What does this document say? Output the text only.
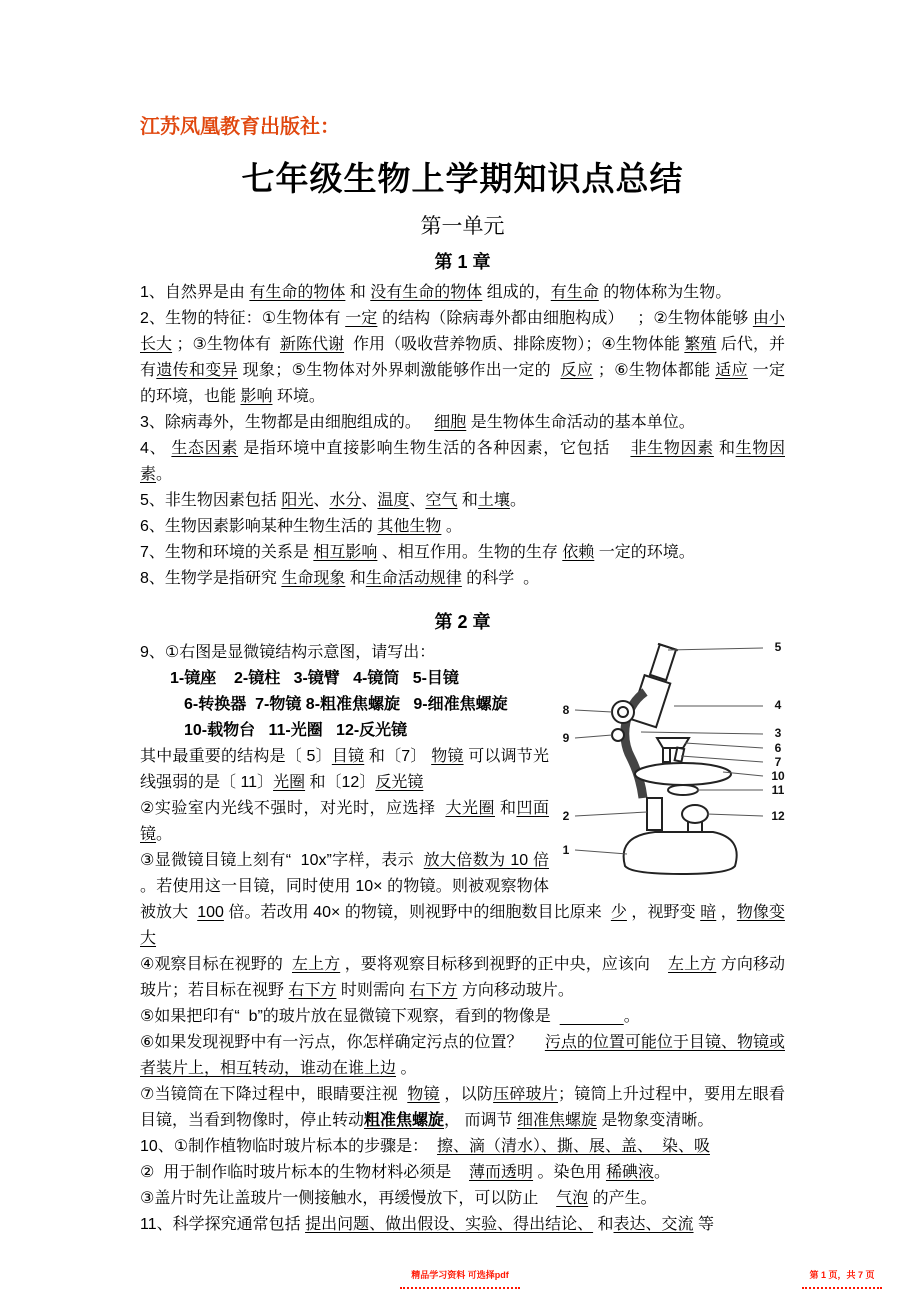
江苏凤凰教育出版社：
七年级生物上学期知识点总结
第一单元
第 1 章

1、自然界是由 有生命的物体 和 没有生命的物体 组成的，有生命 的物体称为生物。

2、生物的特征：①生物体有 一定 的结构（除病毒外都由细胞构成）   ；②生物体能够 由小长大 ；③生物体有  新陈代谢  作用（吸收营养物质、排除废物）；④生物体能 繁殖 后代，并有遗传和变异 现象；⑤生物体对外界刺激能够作出一定的  反应 ；⑥生物体都能 适应 一定的环境，也能 影响 环境。

3、除病毒外，生物都是由细胞组成的。   细胞 是生物体生命活动的基本单位。

4、 生态因素 是指环境中直接影响生物生活的各种因素，它包括    非生物因素 和生物因素。

5、非生物因素包括 阳光、水分、温度、空气 和土壤。

6、生物因素影响某种生物生活的 其他生物 。

7、生物和环境的关系是 相互影响 、相互作用。生物的生存 依赖 一定的环境。

8、生物学是指研究 生命现象 和生命活动规律 的科学  。

第 2 章
5
4
3
6
7
10
11
12
8
9
2
1

9、①右图是显微镜结构示意图，请写出：

1-镜座    2-镜柱   3-镜臂   4-镜筒   5-目镜

6-转换器  7-物镜 8-粗准焦螺旋   9-细准焦螺旋

10-载物台   11-光圈   12-反光镜

其中最重要的结构是〔 5〕目镜 和〔7〕 物镜 可以调节光线强弱的是〔 11〕光圈 和〔12〕反光镜

②实验室内光线不强时，对光时，应选择  大光圈 和凹面镜。

③显微镜目镜上刻有“  10x”字样，表示  放大倍数为 10 倍 。若使用这一目镜，同时使用 10× 的物镜。则被观察物体被放大  100 倍。若改用 40× 的物镜，则视野中的细胞数目比原来  少 ，视野变 暗 ，物像变大

④观察目标在视野的  左上方 ，要将观察目标移到视野的正中央，应该向    左上方 方向移动玻片；若目标在视野 右下方 时则需向 右下方 方向移动玻片。

⑤如果把印有“  b”的玻片放在显微镜下观察，看到的物像是  　　　　	。

⑥如果发现视野中有一污点，你怎样确定污点的位置？     污点的位置可能位于目镜、物镜或者装片上，相互转动，谁动在谁上边 。

⑦当镜筒在下降过程中，眼睛要注视  物镜 ，以防压碎玻片；镜筒上升过程中，要用左眼看目镜，当看到物像时，停止转动粗准焦螺旋， 而调节 细准焦螺旋 是物象变清晰。

10、①制作植物临时玻片标本的步骤是：  擦、滴（清水）、撕、展、盖、  染、吸

②  用于制作临时玻片标本的生物材料必须是    薄而透明 。染色用 稀碘液。

③盖片时先让盖玻片一侧接触水，再缓慢放下，可以防止    气泡 的产生。

11、科学探究通常包括 提出问题、做出假设、实验、得出结论、 和表达、交流 等

精品学习资料 可选择pdf	第 1 页，共 7 页
